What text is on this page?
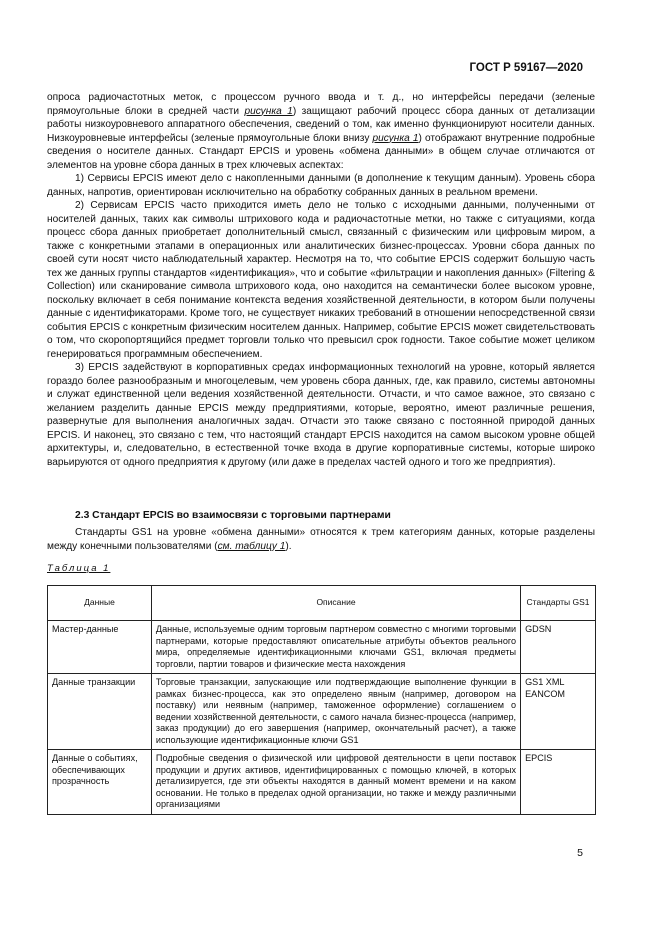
ГОСТ Р 59167—2020

опроса радиочастотных меток, с процессом ручного ввода и т. д., но интерфейсы передачи (зеленые прямоугольные блоки в средней части рисунка 1) защищают рабочий процесс сбора данных от детализации работы низкоуровневого аппаратного обеспечения, сведений о том, как именно функционируют носители данных. Низкоуровневые интерфейсы (зеленые прямоугольные блоки внизу рисунка 1) отображают внутренние подробные сведения о носителе данных. Стандарт EPCIS и уровень «обмена данными» в общем случае отличаются от элементов на уровне сбора данных в трех ключевых аспектах:

1) Сервисы EPCIS имеют дело с накопленными данными (в дополнение к текущим данным). Уровень сбора данных, напротив, ориентирован исключительно на обработку собранных данных в реальном времени.

2) Сервисам EPCIS часто приходится иметь дело не только с исходными данными, полученными от носителей данных, таких как символы штрихового кода и радиочастотные метки, но также с ситуациями, когда процесс сбора данных приобретает дополнительный смысл, связанный с физическим или цифровым миром, а также с конкретными этапами в операционных или аналитических бизнес-процессах. Уровни сбора данных по своей сути носят чисто наблюдательный характер. Несмотря на то, что событие EPCIS содержит большую часть тех же данных группы стандартов «идентификация», что и событие «фильтрации и накопления данных» (Filtering & Collection) или сканирование символа штрихового кода, оно находится на семантически более высоком уровне, поскольку включает в себя понимание контекста ведения хозяйственной деятельности, в котором были получены данные с идентификаторами. Кроме того, не существует никаких требований в отношении непосредственной связи события EPCIS с конкретным физическим носителем данных. Например, событие EPCIS может свидетельствовать о том, что скоропортящийся предмет торговли только что превысил срок годности. Такое событие может целиком генерироваться программным обеспечением.

3) EPCIS задействуют в корпоративных средах информационных технологий на уровне, который является гораздо более разнообразным и многоцелевым, чем уровень сбора данных, где, как правило, системы автономны и служат единственной цели ведения хозяйственной деятельности. Отчасти, и что самое важное, это связано с желанием разделить данные EPCIS между предприятиями, которые, вероятно, имеют различные решения, развернутые для выполнения аналогичных задач. Отчасти это также связано с постоянной природой данных EPCIS. И наконец, это связано с тем, что настоящий стандарт EPCIS находится на самом высоком уровне общей архитектуры, и, следовательно, в естественной точке входа в другие корпоративные системы, которые широко варьируются от одного предприятия к другому (или даже в пределах частей одного и того же предприятия).

2.3 Стандарт EPCIS во взаимосвязи с торговыми партнерами

Стандарты GS1 на уровне «обмена данными» относятся к трем категориям данных, которые разделены между конечными пользователями (см. таблицу 1).

Таблица 1
Данные	Описание	Стандарты GS1
Мастер-данные	Данные, используемые одним торговым партнером совместно с многими торговыми партнерами, которые предоставляют описательные атрибуты объектов реального мира, определяемые идентификационными ключами GS1, включая предметы торговли, партии товаров и физические места нахождения	GDSN
Данные транзакции	Торговые транзакции, запускающие или подтверждающие выполнение функции в рамках бизнес-процесса, как это определено явным (например, договором на поставку) или неявным (например, таможенное оформление) соглашением о ведении хозяйственной деятельности, с самого начала бизнес-процесса (например, заказ продукции) до его завершения (например, окончательный расчет), а также использующие идентификационные ключи GS1	GS1 XML EANCOM
Данные о событиях, обеспечивающих прозрачность	Подробные сведения о физической или цифровой деятельности в цепи поставок продукции и других активов, идентифицированных с помощью ключей, в которых детализируется, где эти объекты находятся в данный момент времени и на каком основании. Не только в пределах одной организации, но также и между различными организациями	EPCIS
5
